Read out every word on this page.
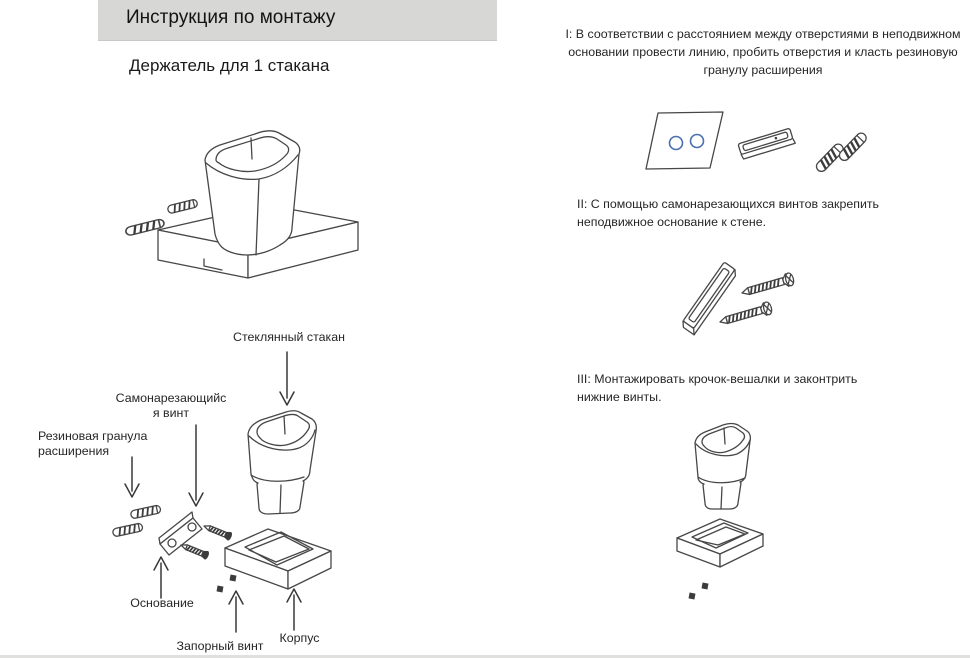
Инструкция по монтажу
Держатель для 1 стакана
Стеклянный стакан
Самонарезающийс
я винт
Резиновая гранула
расширения
Основание
Запорный винт
Корпус
I: В соответствии с расстоянием между отверстиями в неподвижном
основании провести линию, пробить отверстия и класть резиновую
гранулу расширения
II: С помощью самонарезающихся винтов закрепить
неподвижное основание к стене.
III: Монтажировать крочок-вешалки и законтрить
нижние винты.
